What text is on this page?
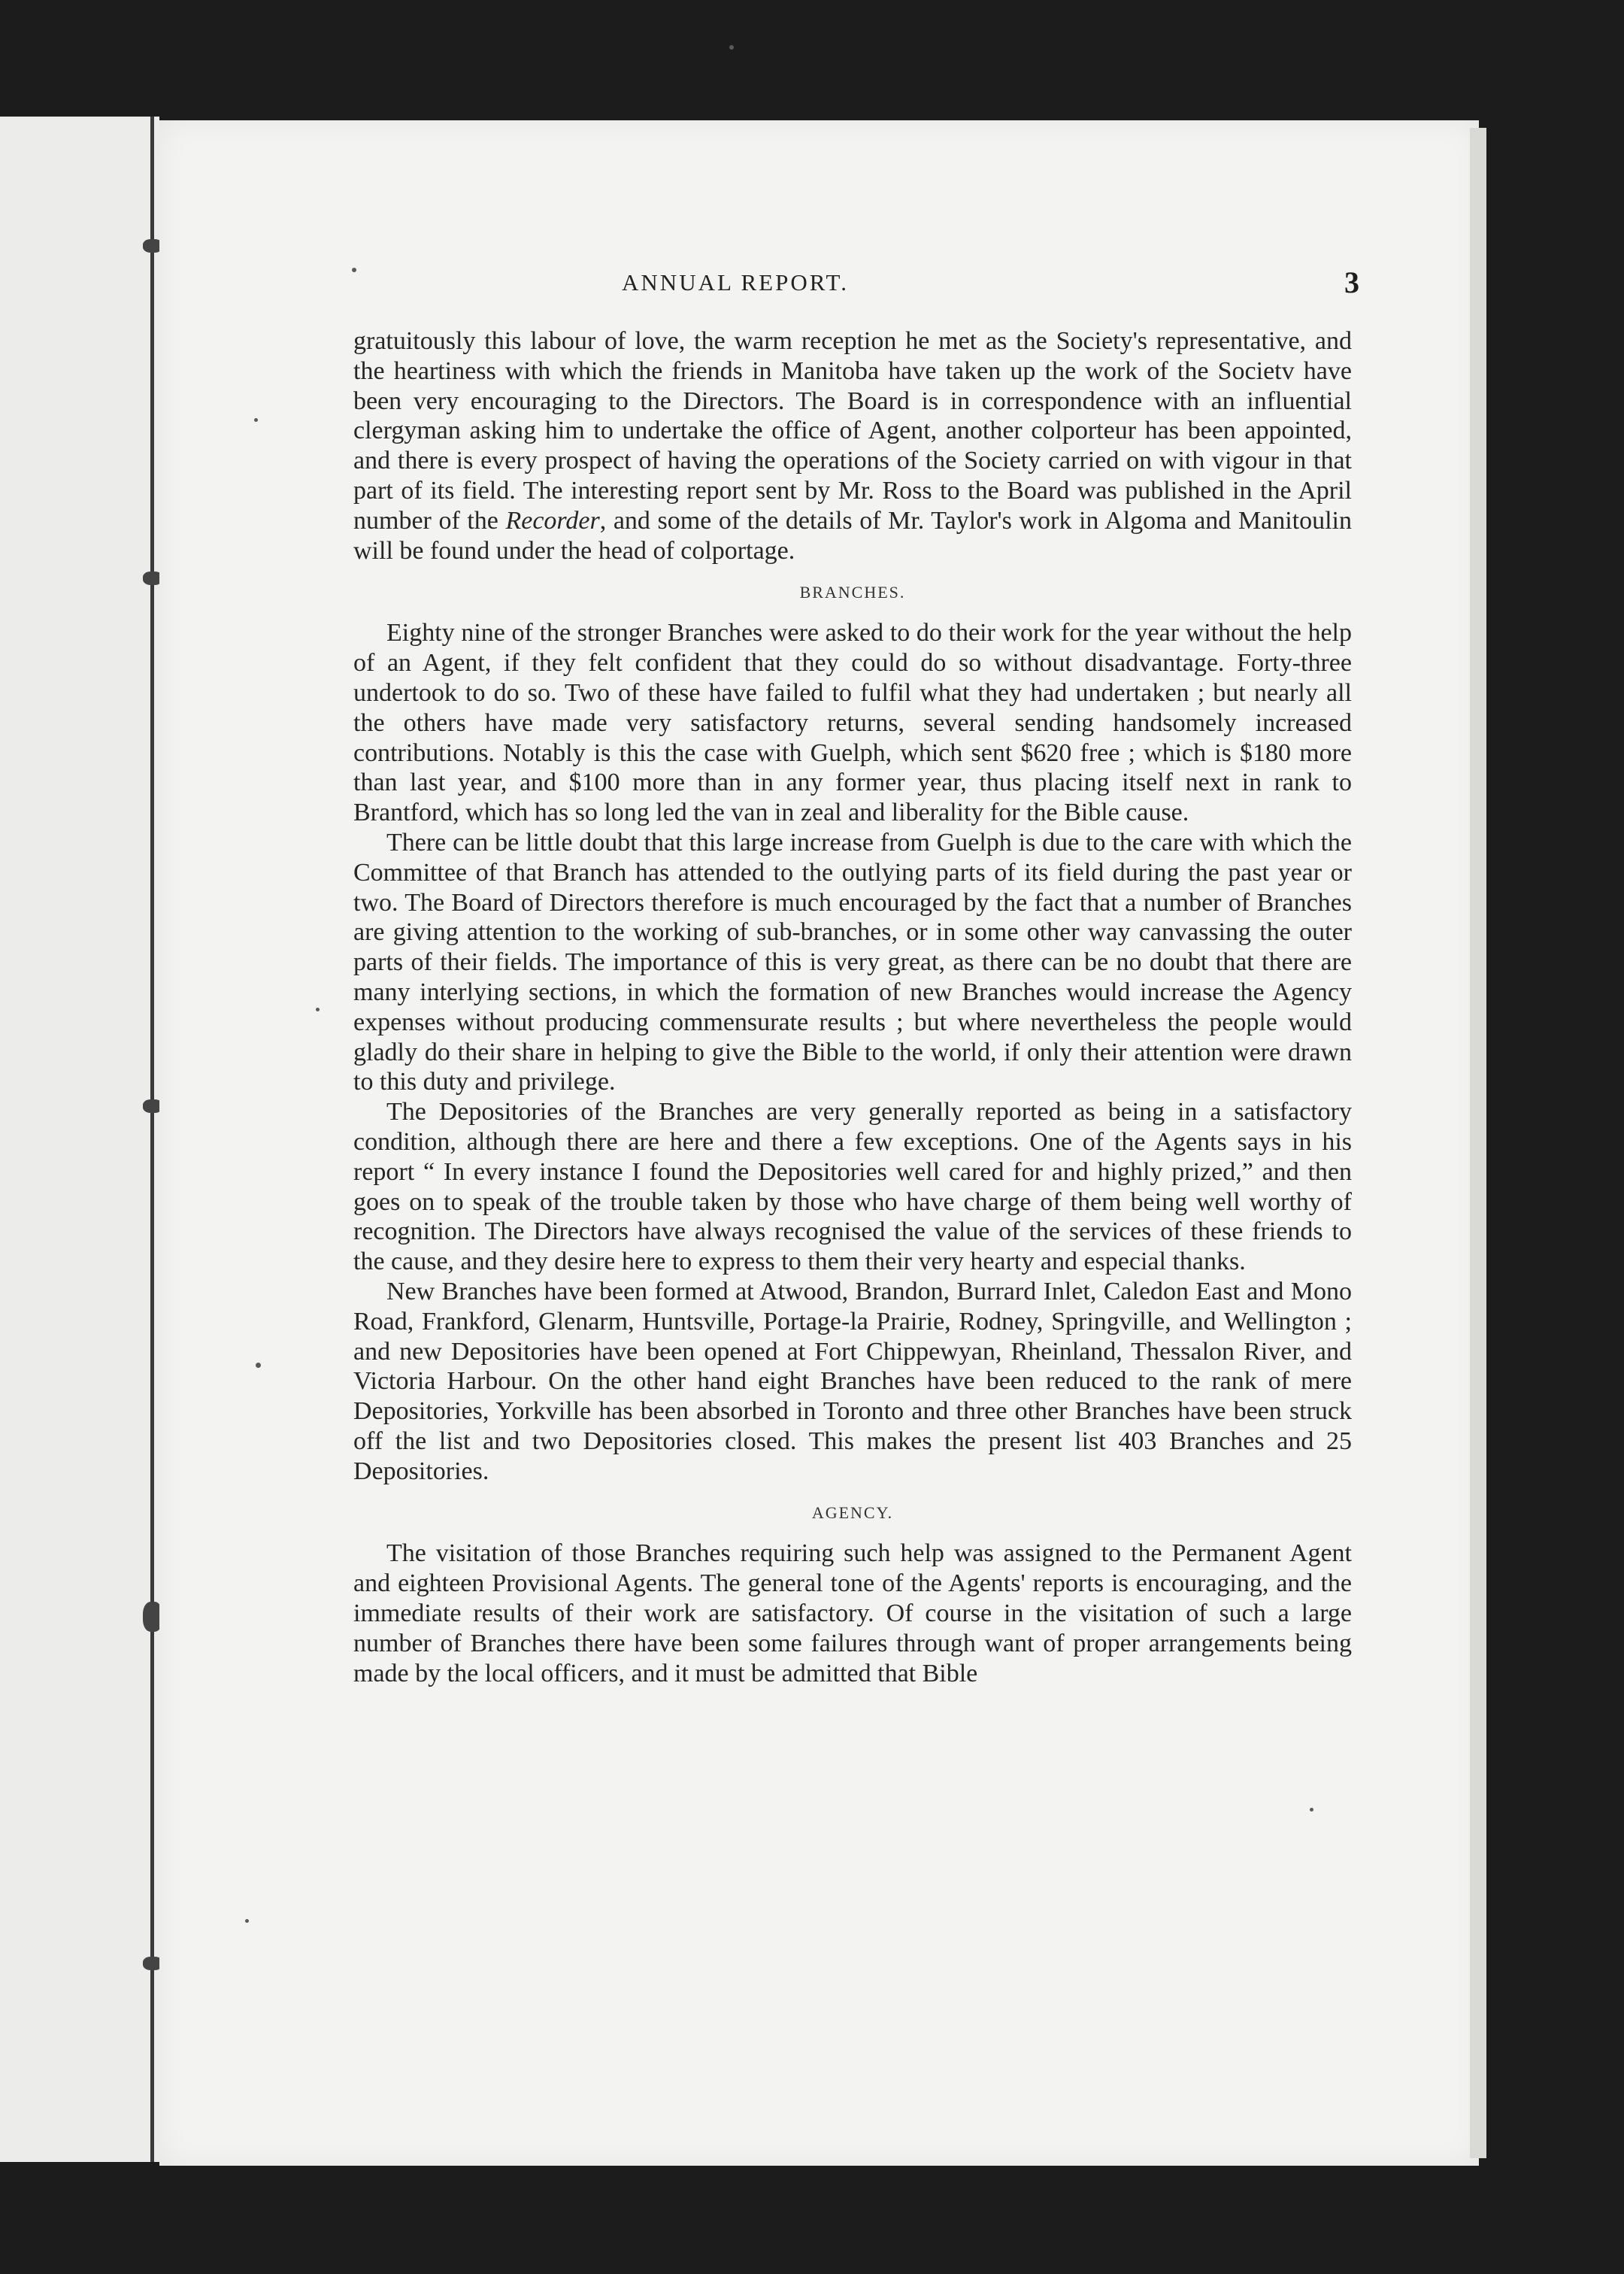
ANNUAL REPORT.	3

gratuitously this labour of love, the warm reception he met as the Society's representative, and the heartiness with which the friends in Manitoba have taken up the work of the Societv have been very encouraging to the Directors. The Board is in correspondence with an influential clergyman asking him to undertake the office of Agent, another colporteur has been appointed, and there is every prospect of having the operations of the Society carried on with vigour in that part of its field. The interesting report sent by Mr. Ross to the Board was published in the April number of the Recorder, and some of the details of Mr. Taylor's work in Algoma and Manitoulin will be found under the head of colportage.

BRANCHES.

Eighty nine of the stronger Branches were asked to do their work for the year without the help of an Agent, if they felt confident that they could do so without disadvantage. Forty-three undertook to do so. Two of these have failed to fulfil what they had undertaken ; but nearly all the others have made very satisfactory returns, several sending handsomely increased contributions. Notably is this the case with Guelph, which sent $620 free ; which is $180 more than last year, and $100 more than in any former year, thus placing itself next in rank to Brantford, which has so long led the van in zeal and liberality for the Bible cause.

There can be little doubt that this large increase from Guelph is due to the care with which the Committee of that Branch has attended to the outlying parts of its field during the past year or two. The Board of Directors therefore is much encouraged by the fact that a number of Branches are giving attention to the working of sub-branches, or in some other way canvassing the outer parts of their fields. The importance of this is very great, as there can be no doubt that there are many interlying sections, in which the formation of new Branches would increase the Agency expenses without producing commensurate results ; but where nevertheless the people would gladly do their share in helping to give the Bible to the world, if only their attention were drawn to this duty and privilege.

The Depositories of the Branches are very generally reported as being in a satisfactory condition, although there are here and there a few exceptions. One of the Agents says in his report “ In every instance I found the Depositories well cared for and highly prized,” and then goes on to speak of the trouble taken by those who have charge of them being well worthy of recognition. The Directors have always recognised the value of the services of these friends to the cause, and they desire here to express to them their very hearty and especial thanks.

New Branches have been formed at Atwood, Brandon, Burrard Inlet, Caledon East and Mono Road, Frankford, Glenarm, Huntsville, Portage-la Prairie, Rodney, Springville, and Wellington ; and new Depositories have been opened at Fort Chippewyan, Rheinland, Thessalon River, and Victoria Harbour. On the other hand eight Branches have been reduced to the rank of mere Depositories, Yorkville has been absorbed in Toronto and three other Branches have been struck off the list and two Depositories closed. This makes the present list 403 Branches and 25 Depositories.

AGENCY.

The visitation of those Branches requiring such help was assigned to the Permanent Agent and eighteen Provisional Agents. The general tone of the Agents' reports is encouraging, and the immediate results of their work are satisfactory. Of course in the visitation of such a large number of Branches there have been some failures through want of proper arrangements being made by the local officers, and it must be admitted that Bible
